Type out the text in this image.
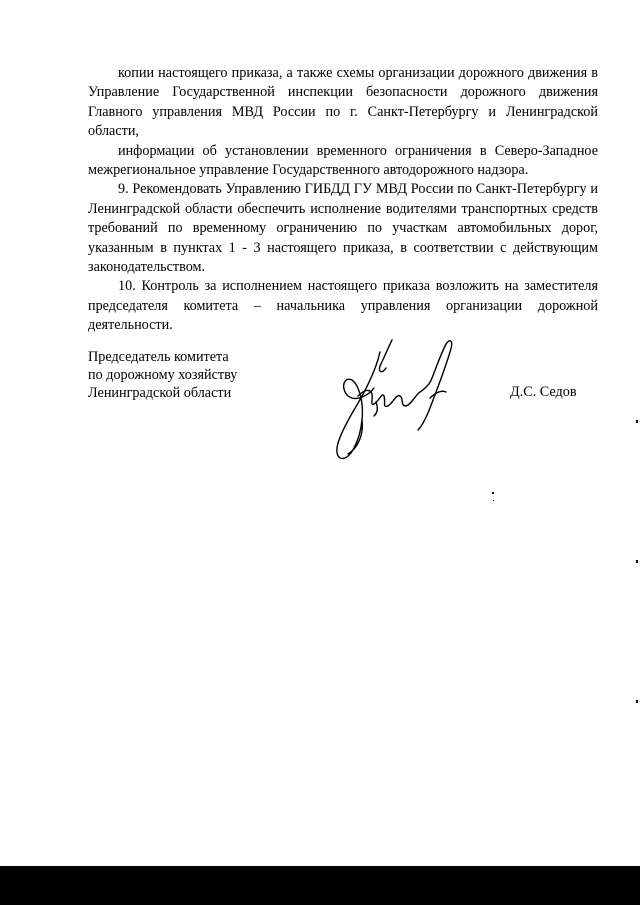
копии настоящего приказа, а также схемы организации дорожного движения в Управление Государственной инспекции безопасности дорожного движения Главного управления МВД России по г. Санкт-Петербургу и Ленинградской области,

информации об установлении временного ограничения в Северо-Западное межрегиональное управление Государственного автодорожного надзора.

9. Рекомендовать Управлению ГИБДД ГУ МВД России по Санкт-Петербургу и Ленинградской области обеспечить исполнение водителями транспортных средств требований по временному ограничению по участкам автомобильных дорог, указанным в пунктах 1 - 3 настоящего приказа, в соответствии с действующим законодательством.

10. Контроль за исполнением настоящего приказа возложить на заместителя председателя комитета – начальника управления организации дорожной деятельности.

Председатель комитета
по дорожному хозяйству
Ленинградской области	Д.С. Седов
